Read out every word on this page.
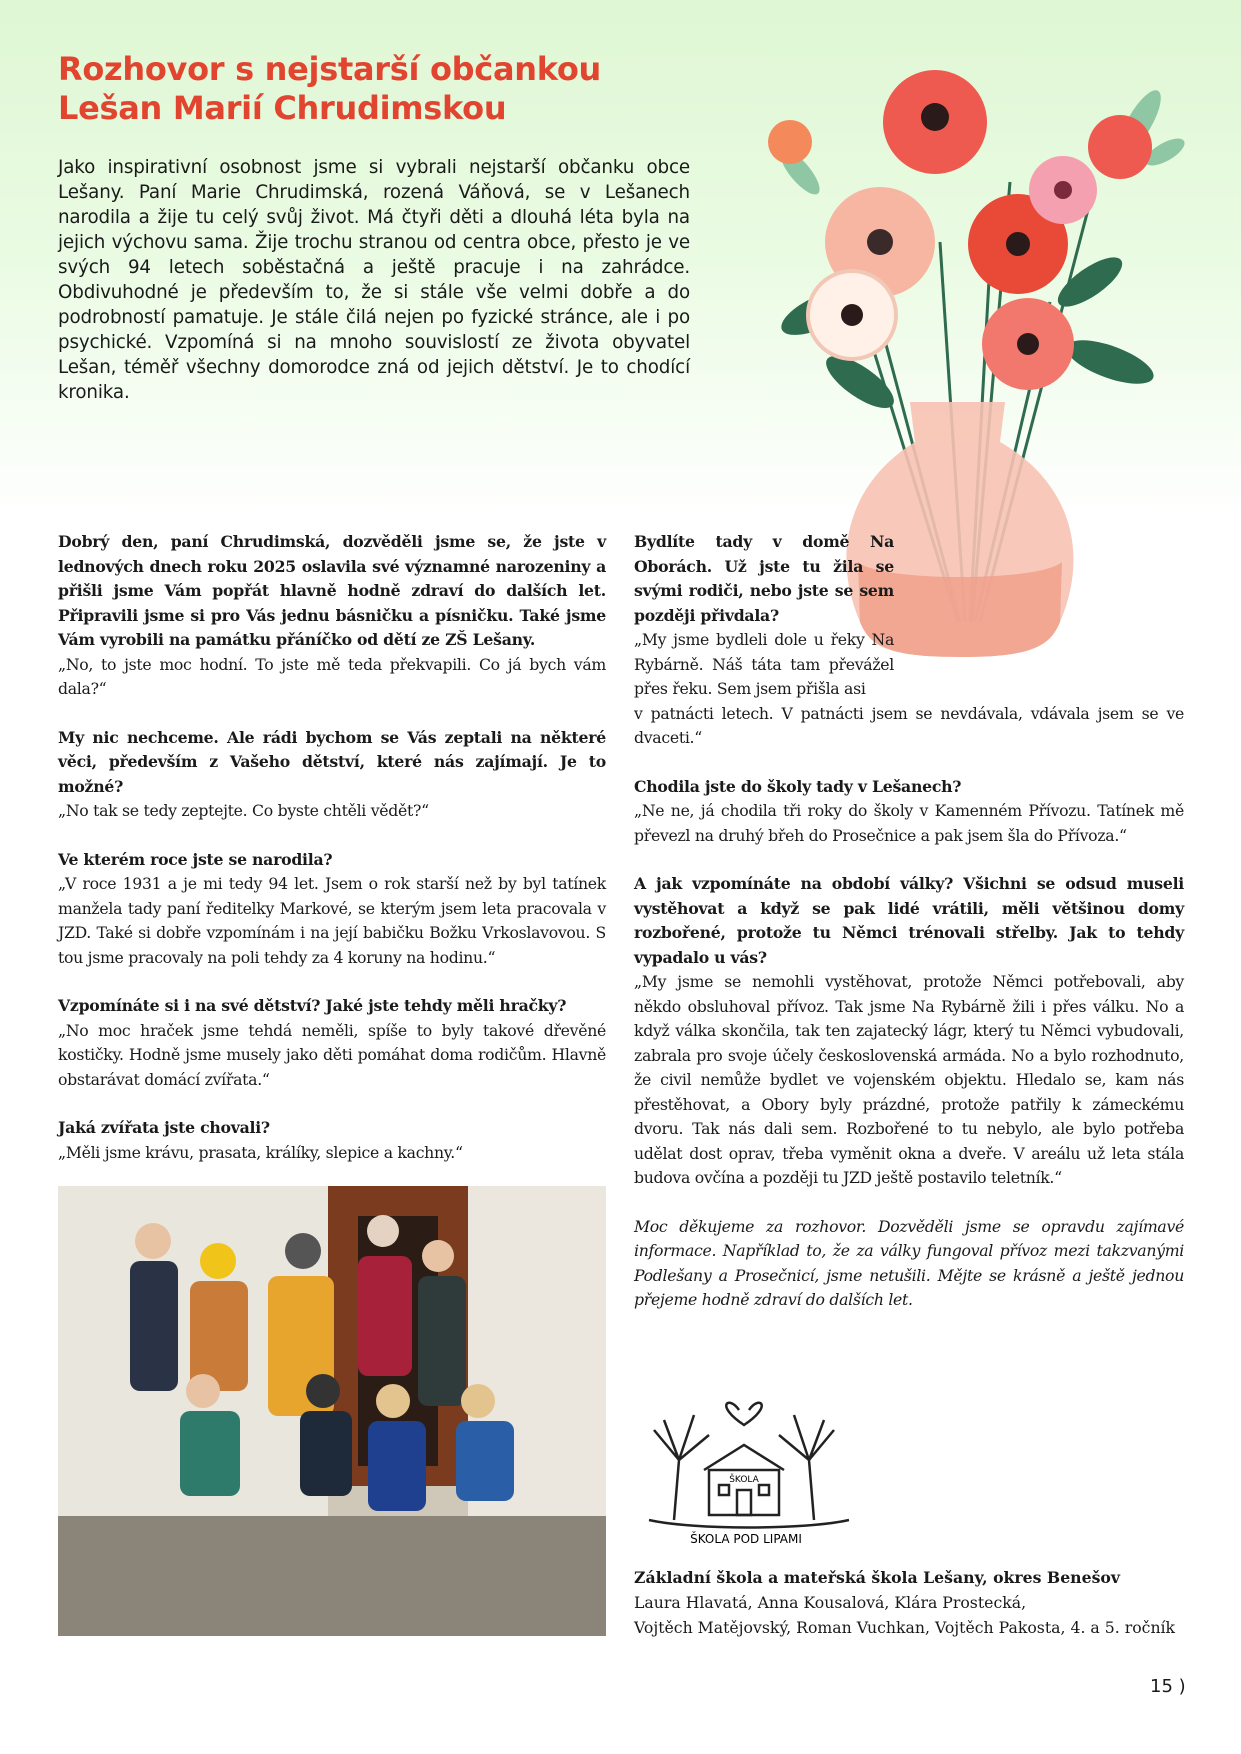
Rozhovor s nejstarší občankou
Lešan Marií Chrudimskou

Jako inspirativní osobnost jsme si vybrali nejstarší občanku obce Lešany. Paní Marie Chrudimská, rozená Váňová, se v Lešanech narodila a žije tu celý svůj život. Má čtyři děti a dlouhá léta byla na jejich výchovu sama. Žije trochu stranou od centra obce, přesto je ve svých 94 letech soběstačná a ještě pracuje i na zahrádce. Obdivuhodné je především to, že si stále vše velmi dobře a do podrobností pamatuje. Je stále čilá nejen po fyzické stránce, ale i po psychické. Vzpomíná si na mnoho souvislostí ze života obyvatel Lešan, téměř všechny domorodce zná od jejich dětství. Je to chodící kronika.

Dobrý den, paní Chrudimská, dozvěděli jsme se, že jste v lednových dnech roku 2025 oslavila své významné narozeniny a přišli jsme Vám popřát hlavně hodně zdraví do dalších let. Připravili jsme si pro Vás jednu básničku a písničku. Také jsme Vám vyrobili na památku přáníčko od dětí ze ZŠ Lešany.
„No, to jste moc hodní. To jste mě teda překvapili. Co já bych vám dala?“
My nic nechceme. Ale rádi bychom se Vás zeptali na některé věci, především z Vašeho dětství, které nás zajímají. Je to možné?
„No tak se tedy zeptejte. Co byste chtěli vědět?“
Ve kterém roce jste se narodila?
„V roce 1931 a je mi tedy 94 let. Jsem o rok starší než by byl tatínek manžela tady paní ředitelky Markové, se kterým jsem leta pracovala v JZD. Také si dobře vzpomínám i na její babičku Božku Vrkoslavovou. S tou jsme pracovaly na poli tehdy za 4 koruny na hodinu.“
Vzpomínáte si i na své dětství? Jaké jste tehdy měli hračky?
„No moc hraček jsme tehdá neměli, spíše to byly takové dřevěné kostičky. Hodně jsme musely jako děti pomáhat doma rodičům. Hlavně obstarávat domácí zvířata.“
Jaká zvířata jste chovali?
„Měli jsme krávu, prasata, králíky, slepice a kachny.“
Bydlíte tady v domě Na Oborách. Už jste tu žila se svými rodiči, nebo jste se sem později přivdala?
„My jsme bydleli dole u řeky Na Rybárně. Náš táta tam převážel přes řeku. Sem jsem přišla asi
v patnácti letech. V patnácti jsem se nevdávala, vdávala jsem se ve dvaceti.“
Chodila jste do školy tady v Lešanech?
„Ne ne, já chodila tři roky do školy v Kamenném Přívozu. Tatínek mě převezl na druhý břeh do Prosečnice a pak jsem šla do Přívoza.“
A jak vzpomínáte na období války? Všichni se odsud museli vystěhovat a když se pak lidé vrátili, měli většinou domy rozbořené, protože tu Němci trénovali střelby. Jak to tehdy vypadalo u vás?
„My jsme se nemohli vystěhovat, protože Němci potřebovali, aby někdo obsluhoval přívoz. Tak jsme Na Rybárně žili i přes válku. No a když válka skončila, tak ten zajatecký lágr, který tu Němci vybudovali, zabrala pro svoje účely československá armáda. No a bylo rozhodnuto, že civil nemůže bydlet ve vojenském objektu. Hledalo se, kam nás přestěhovat, a Obory byly prázdné, protože patřily k zámeckému dvoru. Tak nás dali sem. Rozbořené to tu nebylo, ale bylo potřeba udělat dost oprav, třeba vyměnit okna a dveře. V areálu už leta stála budova ovčína a později tu JZD ještě postavilo teletník.“

Moc děkujeme za rozhovor. Dozvěděli jsme se opravdu zajímavé informace. Například to, že za války fungoval přívoz mezi takzvanými Podlešany a Prosečnicí, jsme netušili. Mějte se krásně a ještě jednou přejeme hodně zdraví do dalších let.

ŠKOLA
ŠKOLA POD LIPAMI
Základní škola a mateřská škola Lešany, okres Benešov
Laura Hlavatá, Anna Kousalová, Klára Prostecká,
Vojtěch Matějovský, Roman Vuchkan, Vojtěch Pakosta, 4. a 5. ročník
15 )
